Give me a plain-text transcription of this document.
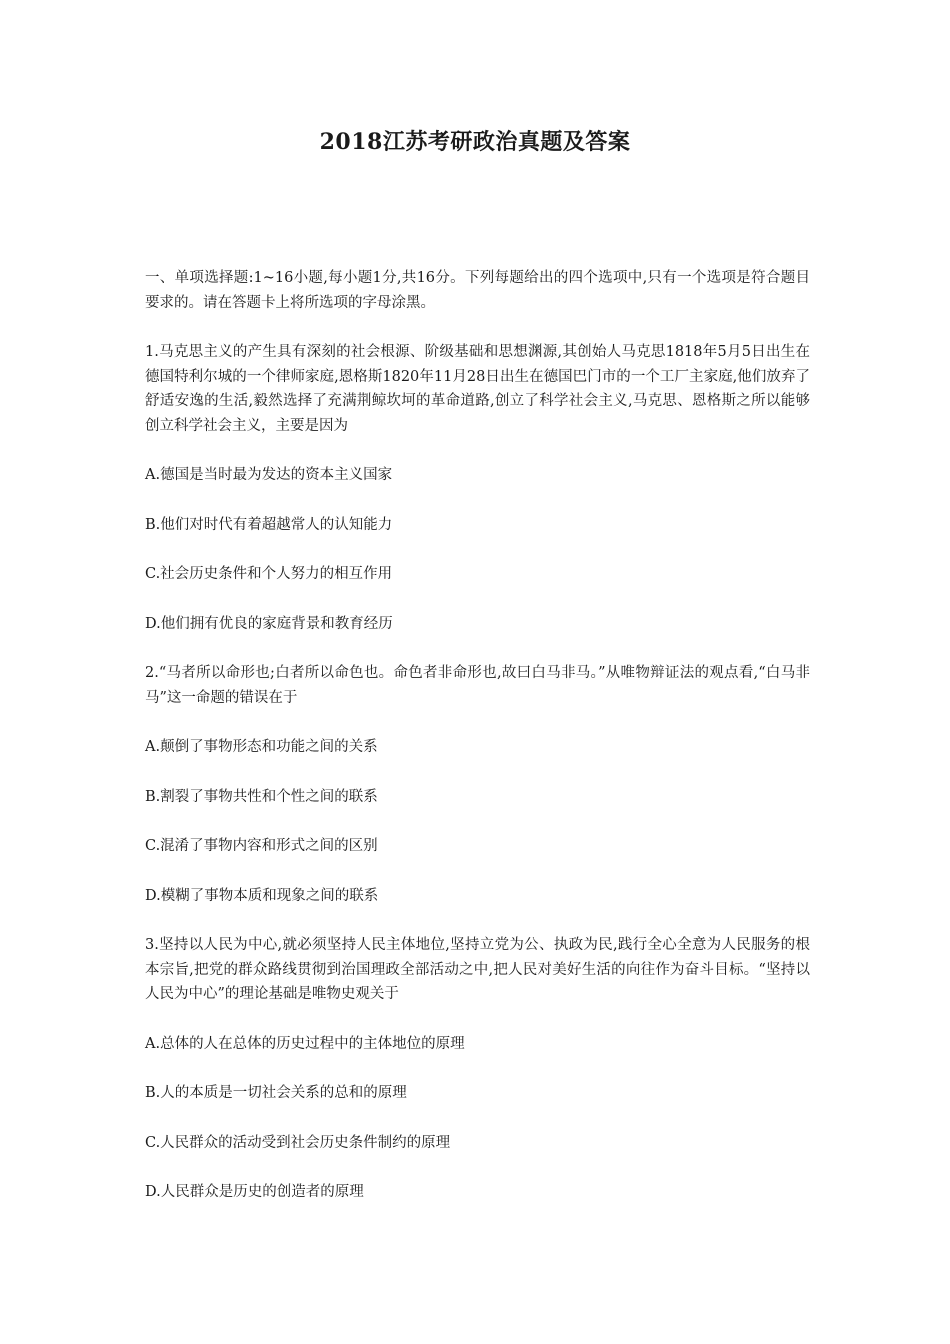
2018江苏考研政治真题及答案

一、单项选择题:1~16小题,每小题1分,共16分。下列每题给出的四个选项中,只有一个选项是符合题目要求的。请在答题卡上将所选项的字母涂黑。

1.马克思主义的产生具有深刻的社会根源、阶级基础和思想渊源,其创始人马克思1818年5月5日出生在德国特利尔城的一个律师家庭,恩格斯1820年11月28日出生在德国巴门市的一个工厂主家庭,他们放弃了舒适安逸的生活,毅然选择了充满荆鲸坎坷的革命道路,创立了科学社会主义,马克思、恩格斯之所以能够创立科学社会主义，主要是因为

A.德国是当时最为发达的资本主义国家

B.他们对时代有着超越常人的认知能力

C.社会历史条件和个人努力的相互作用

D.他们拥有优良的家庭背景和教育经历

2.“马者所以命形也;白者所以命色也。命色者非命形也,故曰白马非马。”从唯物辩证法的观点看,“白马非马”这一命题的错误在于

A.颠倒了事物形态和功能之间的关系

B.割裂了事物共性和个性之间的联系

C.混淆了事物内容和形式之间的区别

D.模糊了事物本质和现象之间的联系

3.坚持以人民为中心,就必须坚持人民主体地位,坚持立党为公、执政为民,践行全心全意为人民服务的根本宗旨,把党的群众路线贯彻到治国理政全部活动之中,把人民对美好生活的向往作为奋斗目标。“坚持以人民为中心”的理论基础是唯物史观关于

A.总体的人在总体的历史过程中的主体地位的原理

B.人的本质是一切社会关系的总和的原理

C.人民群众的活动受到社会历史条件制约的原理

D.人民群众是历史的创造者的原理
